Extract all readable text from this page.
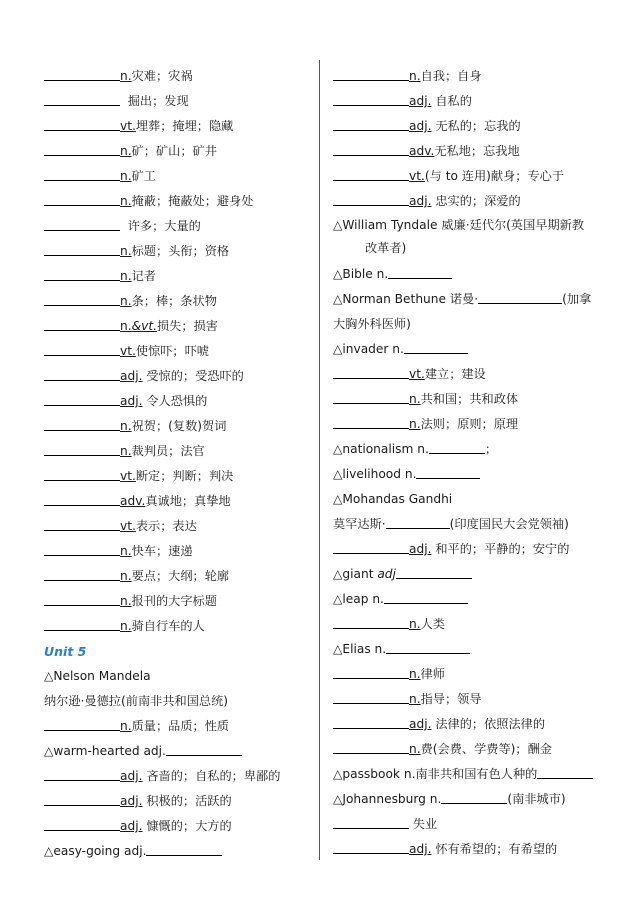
n.灾难；灾祸
掘出；发现
vt.埋葬；掩埋；隐藏
n.矿；矿山；矿井
n.矿工
n.掩蔽；掩蔽处；避身处
许多；大量的
n.标题；头衔；资格
n.记者
n.条；棒；条状物
n.&vt.损失；损害
vt.使惊吓；吓唬
adj. 受惊的；受恐吓的
adj. 令人恐惧的
n.祝贺；(复数)贺词
n.裁判员；法官
vt.断定；判断；判决
adv.真诚地；真挚地
vt.表示；表达
n.快车；速递
n.要点；大纲；轮廓
n.报刊的大字标题
n.骑自行车的人
Unit 5
△Nelson Mandela
纳尔逊·曼德拉(前南非共和国总统)
n.质量；品质；性质
△warm-hearted adj.
adj. 吝啬的；自私的；卑鄙的
adj. 积极的；活跃的
adj. 慷慨的；大方的
△easy-going adj.
n.自我；自身
adj. 自私的
adj. 无私的；忘我的
adv.无私地；忘我地
vt.(与 to 连用)献身；专心于
adj. 忠实的；深爱的
△William Tyndale 威廉·廷代尔(英国早期新教
改革者)
△Bible n.
△Norman Bethune 诺曼·	(加拿
大胸外科医师)
△invader n.
vt.建立；建设
n.共和国；共和政体
n.法则；原则；原理
△nationalism n.	；
△livelihood n.
△Mohandas Gandhi
莫罕达斯·	(印度国民大会党领袖)
adj. 和平的；平静的；安宁的
△giant adj
△leap n.
n.人类
△Elias n.
n.律师
n.指导；领导
adj. 法律的；依照法律的
n.费(会费、学费等)；酬金
△passbook n.南非共和国有色人种的
△Johannesburg n.	(南非城市)
失业
adj. 怀有希望的；有希望的
